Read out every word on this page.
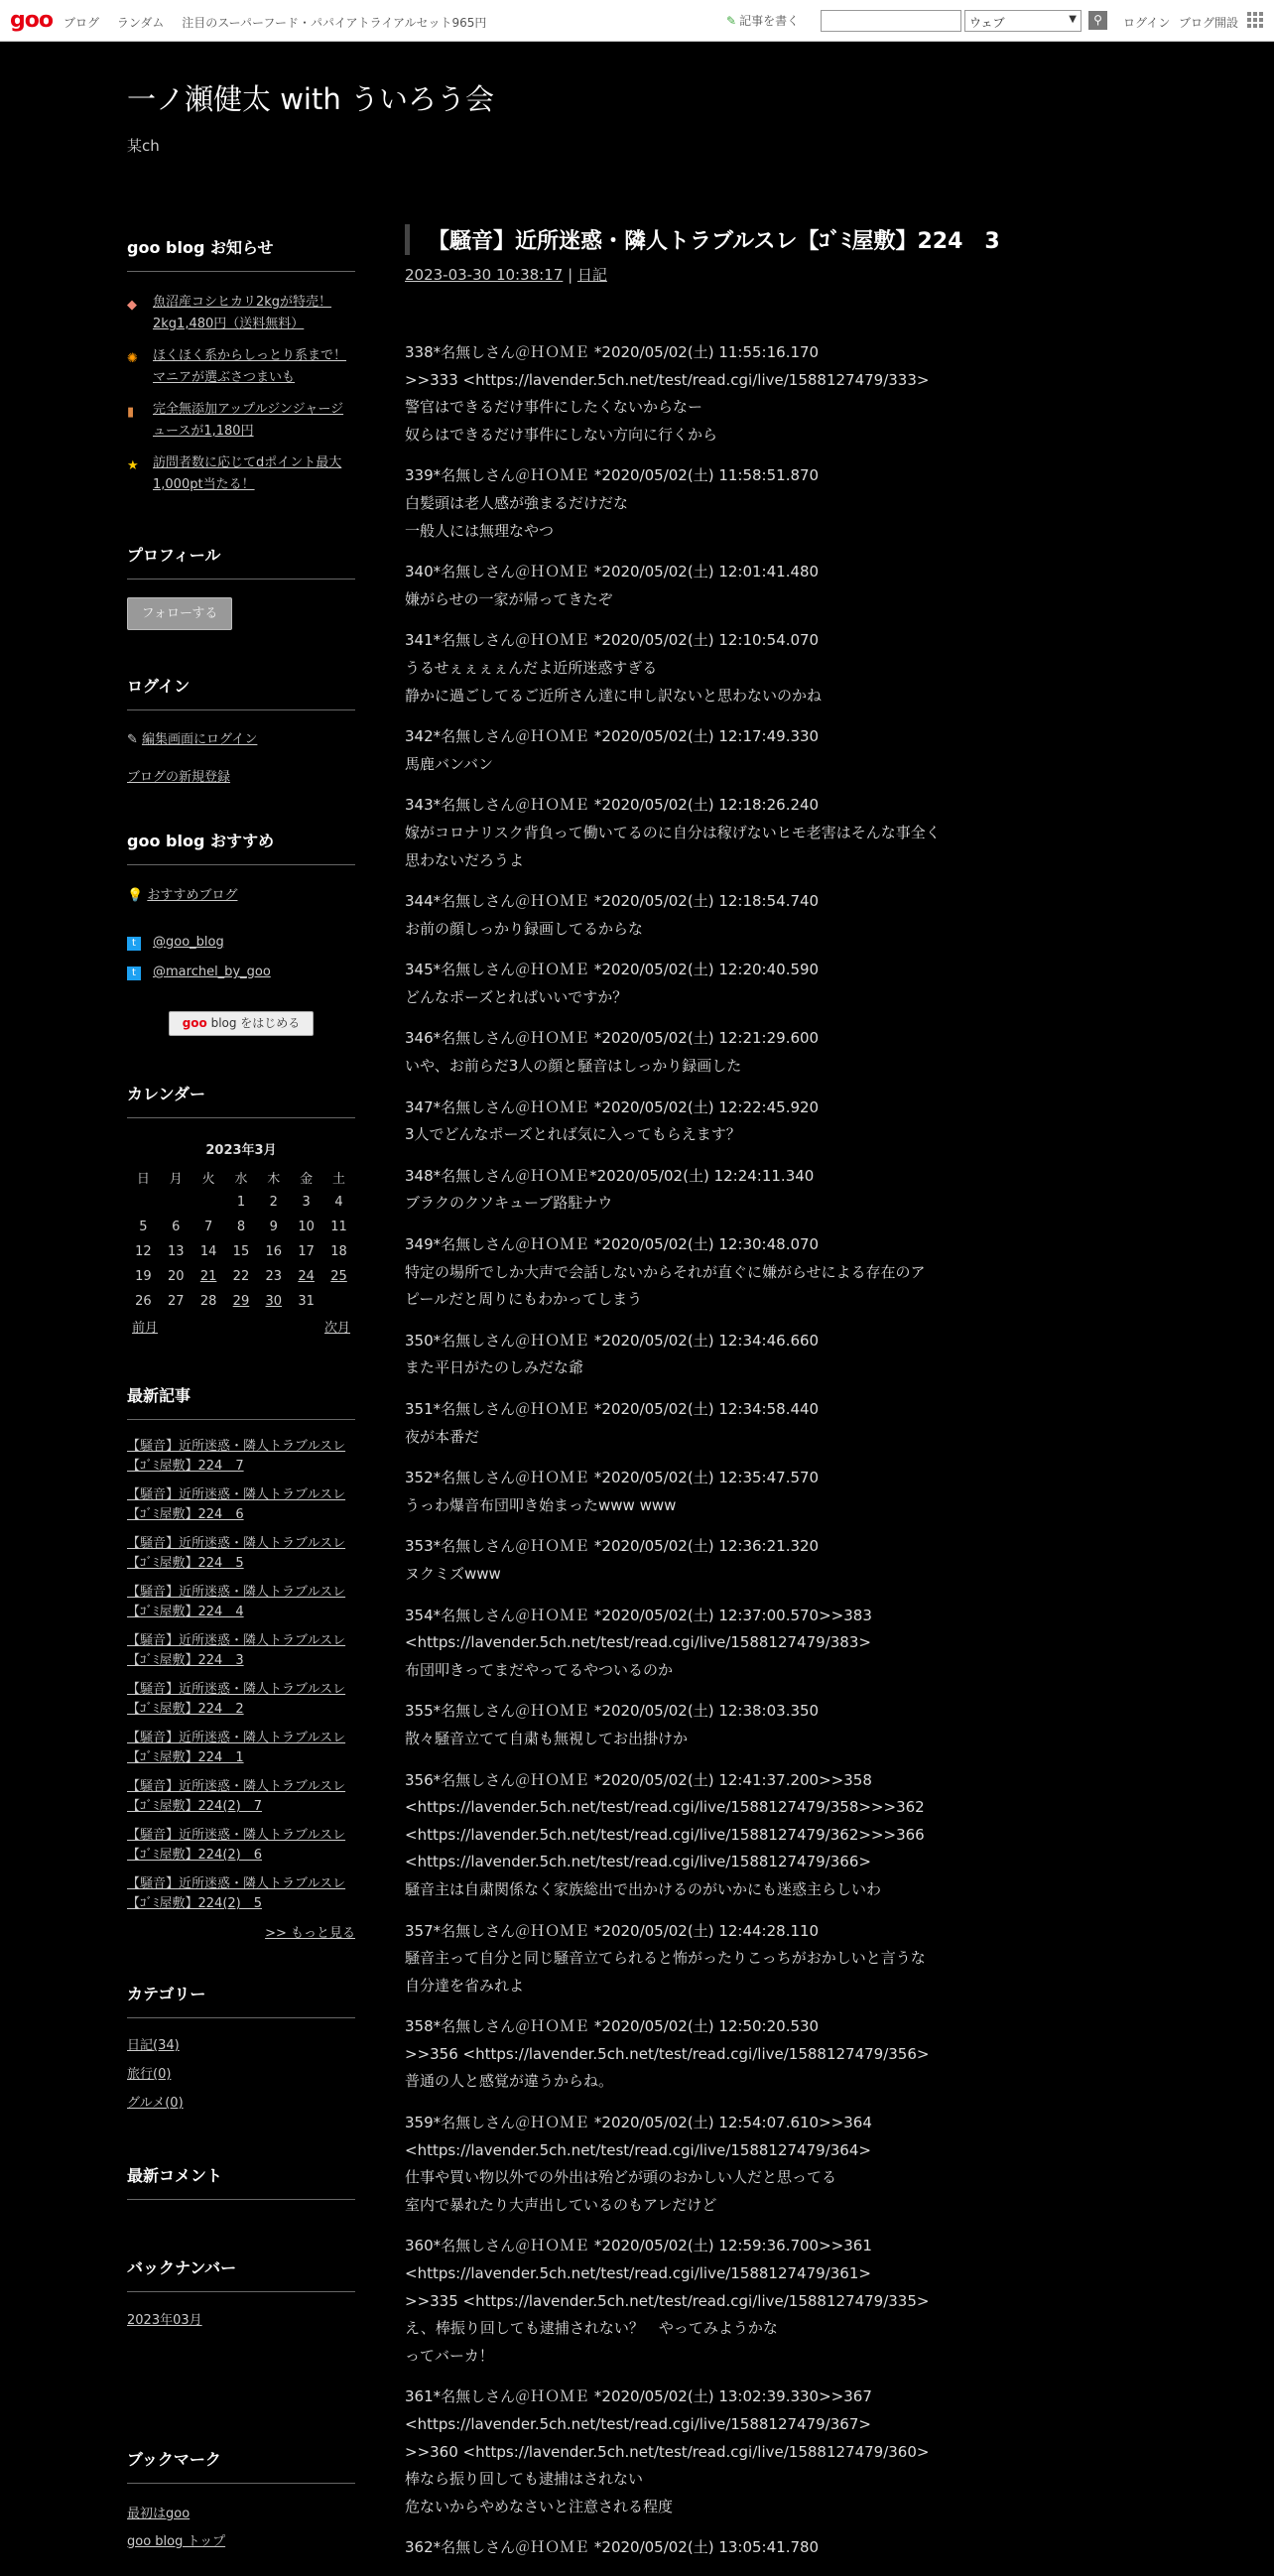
goo ブログ ランダム 注目のスーパーフード・パパイアトライアルセット965円	✎ 記事を書く	ウェブ	▼	⚲	ログイン ブログ開設
一ノ瀬健太 with ういろう会
某ch
goo blog お知らせ
◆ 魚沼産コシヒカリ2kgが特売！2kg1,480円（送料無料）
✺ ほくほく系からしっとり系まで！マニアが選ぶさつまいも
▮ 完全無添加アップルジンジャージュースが1,180円
★ 訪問者数に応じてdポイント最大1,000pt当たる！
プロフィール
フォローする
ログイン
✎ 編集画面にログイン
ブログの新規登録
goo blog おすすめ
💡 おすすめブログ
t @goo_blog
t @marchel_by_goo
goo blog をはじめる
カレンダー
2023年3月
日	月	火	水	木	金	土
			1	2	3	4
5	6	7	8	9	10	11
12	13	14	15	16	17	18
19	20	21	22	23	24	25
26	27	28	29	30	31	
前月	次月
最新記事
【騒音】近所迷惑・隣人トラブルスレ【ｺﾞﾐ屋敷】224　7
【騒音】近所迷惑・隣人トラブルスレ【ｺﾞﾐ屋敷】224　6
【騒音】近所迷惑・隣人トラブルスレ【ｺﾞﾐ屋敷】224　5
【騒音】近所迷惑・隣人トラブルスレ【ｺﾞﾐ屋敷】224　4
【騒音】近所迷惑・隣人トラブルスレ【ｺﾞﾐ屋敷】224　3
【騒音】近所迷惑・隣人トラブルスレ【ｺﾞﾐ屋敷】224　2
【騒音】近所迷惑・隣人トラブルスレ【ｺﾞﾐ屋敷】224　1
【騒音】近所迷惑・隣人トラブルスレ【ｺﾞﾐ屋敷】224(2)　7
【騒音】近所迷惑・隣人トラブルスレ【ｺﾞﾐ屋敷】224(2)　6
【騒音】近所迷惑・隣人トラブルスレ【ｺﾞﾐ屋敷】224(2)　5
>> もっと見る
カテゴリー
日記(34)
旅行(0)
グルメ(0)
最新コメント
バックナンバー
2023年03月
ブックマーク
最初はgoo
goo blog トップ
【騒音】近所迷惑・隣人トラブルスレ【ｺﾞﾐ屋敷】224　3
2023-03-30 10:38:17 | 日記

338*名無しさん＠ＨＯＭＥ *2020/05/02(土) 11:55:16.170
>>333 <https://lavender.5ch.net/test/read.cgi/live/1588127479/333>
警官はできるだけ事件にしたくないからなー
奴らはできるだけ事件にしない方向に行くから

339*名無しさん＠ＨＯＭＥ *2020/05/02(土) 11:58:51.870
白髪頭は老人感が強まるだけだな
一般人には無理なやつ

340*名無しさん＠ＨＯＭＥ *2020/05/02(土) 12:01:41.480
嫌がらせの一家が帰ってきたぞ

341*名無しさん＠ＨＯＭＥ *2020/05/02(土) 12:10:54.070
うるせぇぇぇぇんだよ近所迷惑すぎる
静かに過ごしてるご近所さん達に申し訳ないと思わないのかね

342*名無しさん＠ＨＯＭＥ *2020/05/02(土) 12:17:49.330
馬鹿バンバン

343*名無しさん＠ＨＯＭＥ *2020/05/02(土) 12:18:26.240
嫁がコロナリスク背負って働いてるのに自分は稼げないヒモ老害はそんな事全く
思わないだろうよ

344*名無しさん＠ＨＯＭＥ *2020/05/02(土) 12:18:54.740
お前の顔しっかり録画してるからな

345*名無しさん＠ＨＯＭＥ *2020/05/02(土) 12:20:40.590
どんなポーズとればいいですか？

346*名無しさん＠ＨＯＭＥ *2020/05/02(土) 12:21:29.600
いや、お前らだ3人の顔と騒音はしっかり録画した

347*名無しさん＠ＨＯＭＥ *2020/05/02(土) 12:22:45.920
3人でどんなポーズとれば気に入ってもらえます？

348*名無しさん＠ＨＯＭＥ*2020/05/02(土) 12:24:11.340
ブラクのクソキューブ路駐ナウ

349*名無しさん＠ＨＯＭＥ *2020/05/02(土) 12:30:48.070
特定の場所でしか大声で会話しないからそれが直ぐに嫌がらせによる存在のア
ピールだと周りにもわかってしまう

350*名無しさん＠ＨＯＭＥ *2020/05/02(土) 12:34:46.660
また平日がたのしみだな爺

351*名無しさん＠ＨＯＭＥ *2020/05/02(土) 12:34:58.440
夜が本番だ

352*名無しさん＠ＨＯＭＥ *2020/05/02(土) 12:35:47.570
うっわ爆音布団叩き始まったwww www

353*名無しさん＠ＨＯＭＥ *2020/05/02(土) 12:36:21.320
ヌクミズwww

354*名無しさん＠ＨＯＭＥ *2020/05/02(土) 12:37:00.570>>383
<https://lavender.5ch.net/test/read.cgi/live/1588127479/383>
布団叩きってまだやってるやついるのか

355*名無しさん＠ＨＯＭＥ *2020/05/02(土) 12:38:03.350
散々騒音立てて自粛も無視してお出掛けか

356*名無しさん＠ＨＯＭＥ *2020/05/02(土) 12:41:37.200>>358
<https://lavender.5ch.net/test/read.cgi/live/1588127479/358>>>362
<https://lavender.5ch.net/test/read.cgi/live/1588127479/362>>>366
<https://lavender.5ch.net/test/read.cgi/live/1588127479/366>
騒音主は自粛関係なく家族総出で出かけるのがいかにも迷惑主らしいわ

357*名無しさん＠ＨＯＭＥ *2020/05/02(土) 12:44:28.110
騒音主って自分と同じ騒音立てられると怖がったりこっちがおかしいと言うな
自分達を省みれよ

358*名無しさん＠ＨＯＭＥ *2020/05/02(土) 12:50:20.530
>>356 <https://lavender.5ch.net/test/read.cgi/live/1588127479/356>
普通の人と感覚が違うからね。

359*名無しさん＠ＨＯＭＥ *2020/05/02(土) 12:54:07.610>>364
<https://lavender.5ch.net/test/read.cgi/live/1588127479/364>
仕事や買い物以外での外出は殆どが頭のおかしい人だと思ってる
室内で暴れたり大声出しているのもアレだけど

360*名無しさん＠ＨＯＭＥ *2020/05/02(土) 12:59:36.700>>361
<https://lavender.5ch.net/test/read.cgi/live/1588127479/361>
>>335 <https://lavender.5ch.net/test/read.cgi/live/1588127479/335>
え、棒振り回しても逮捕されない？　やってみようかな
ってバーカ！

361*名無しさん＠ＨＯＭＥ *2020/05/02(土) 13:02:39.330>>367
<https://lavender.5ch.net/test/read.cgi/live/1588127479/367>
>>360 <https://lavender.5ch.net/test/read.cgi/live/1588127479/360>
棒なら振り回しても逮捕はされない
危ないからやめなさいと注意される程度

362*名無しさん＠ＨＯＭＥ *2020/05/02(土) 13:05:41.780
